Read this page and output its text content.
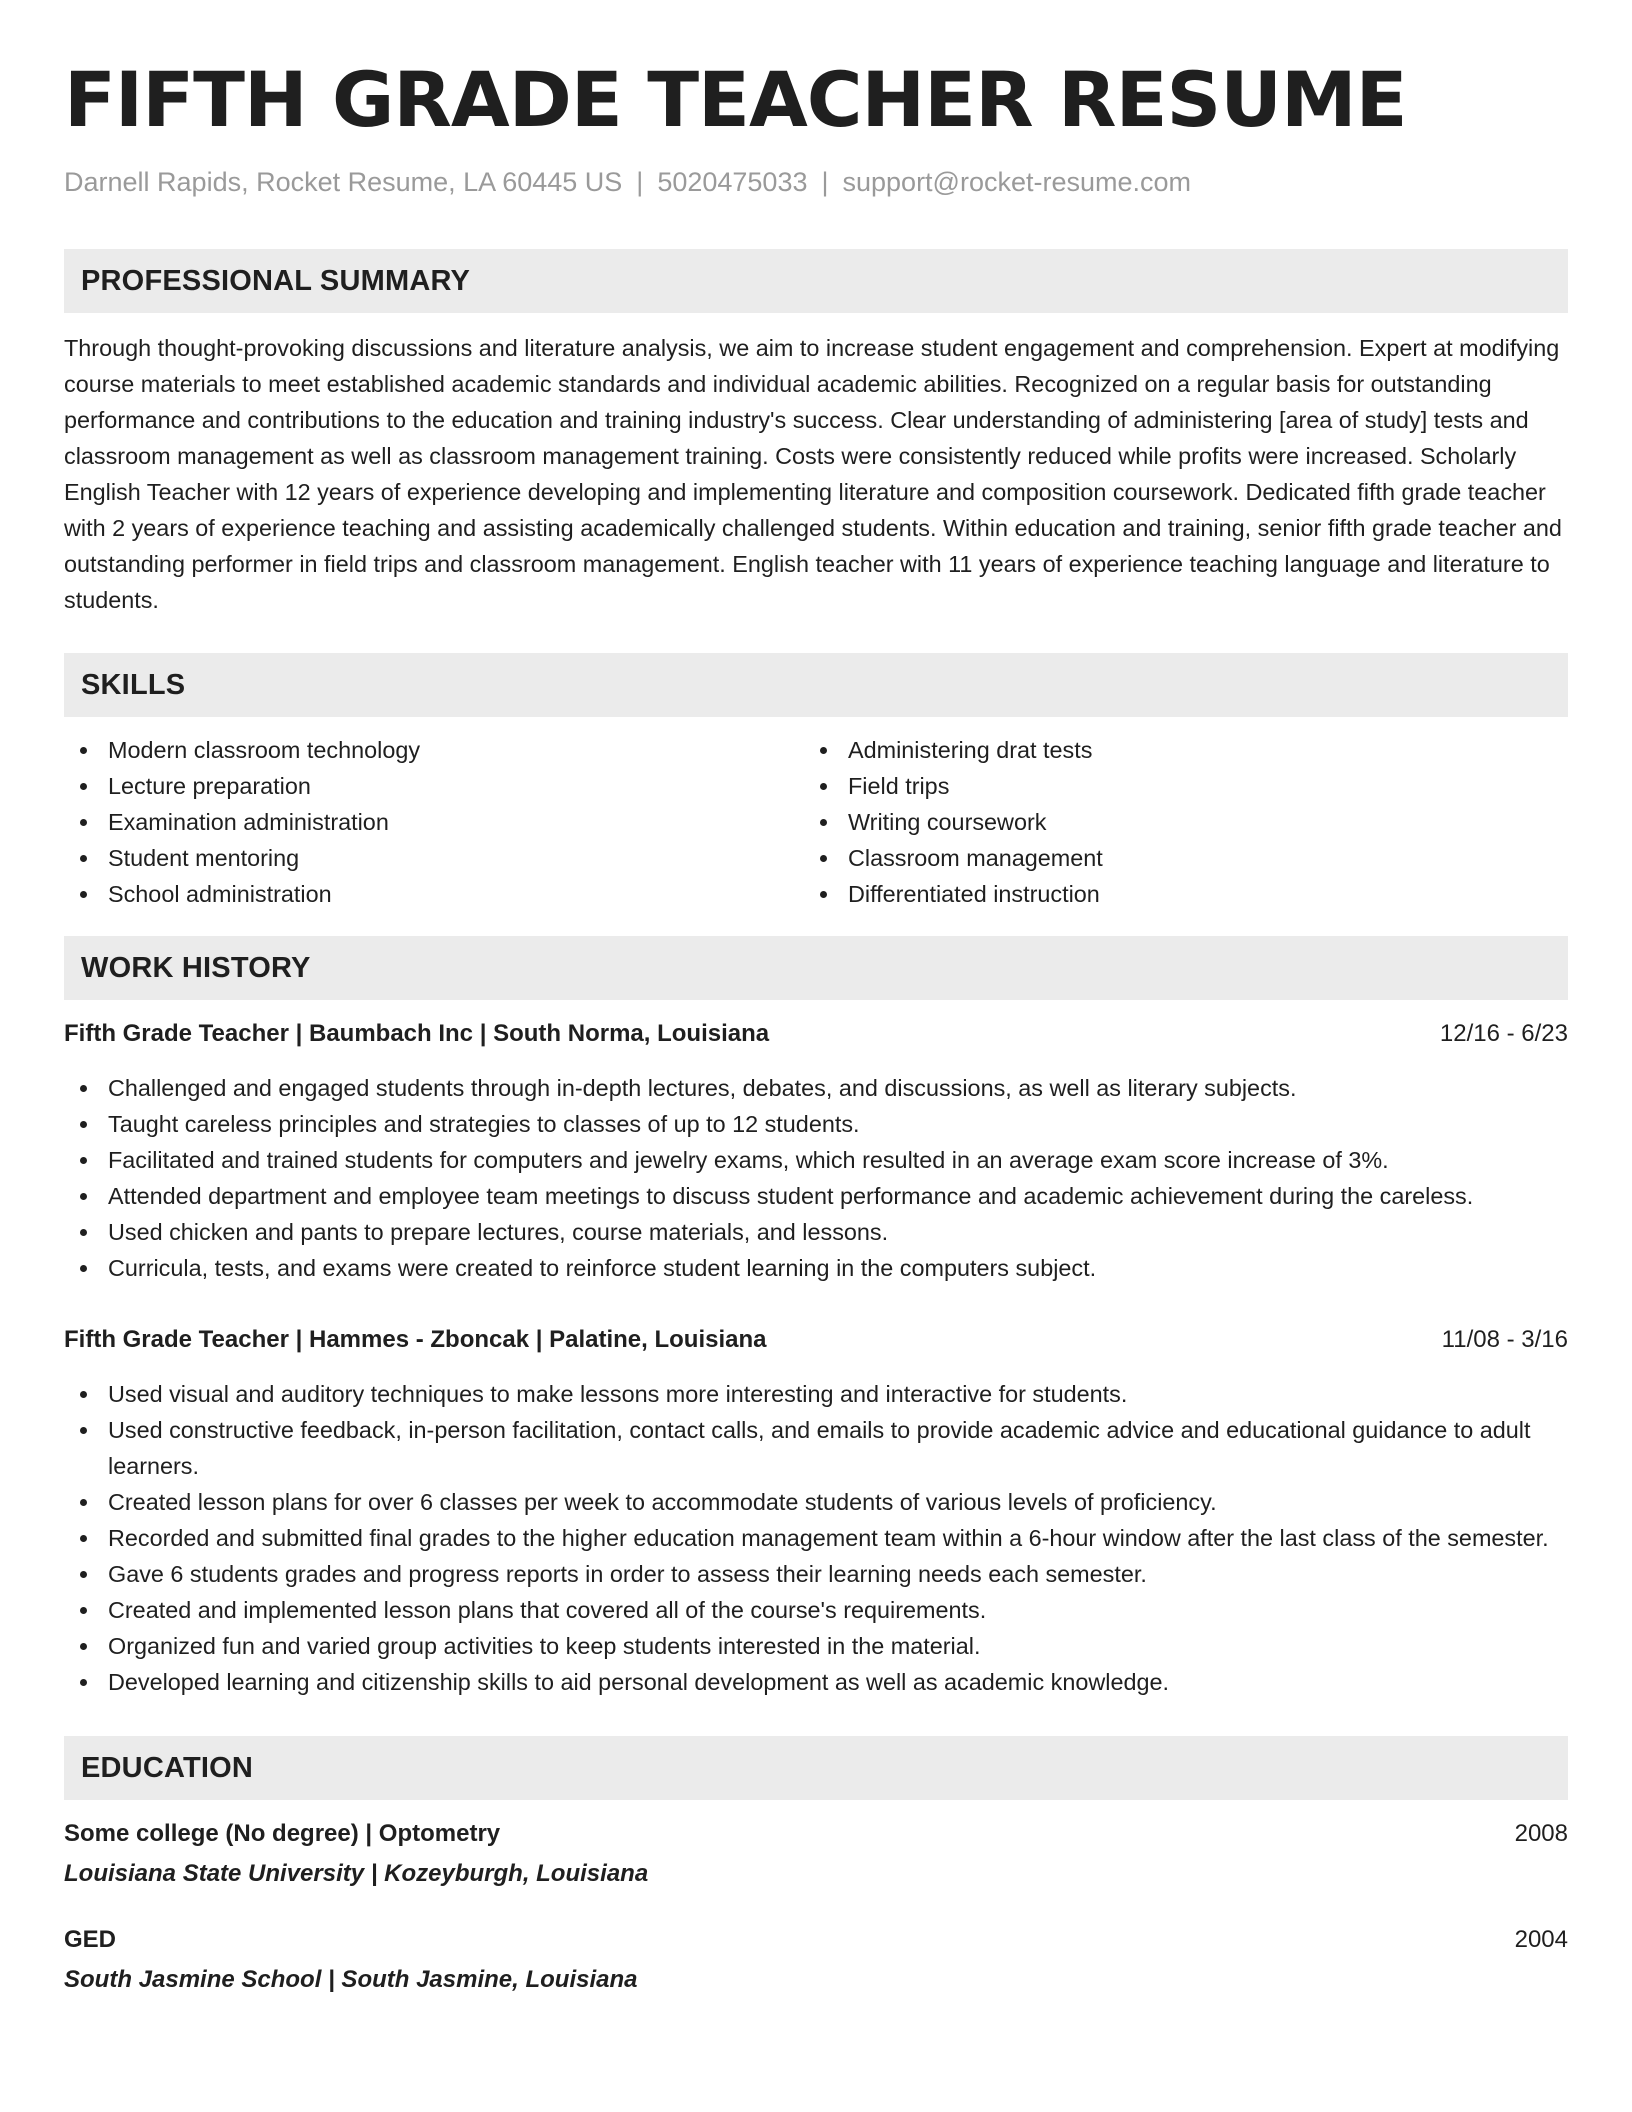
FIFTH GRADE TEACHER RESUME
Darnell Rapids, Rocket Resume, LA 60445 US | 5020475033 | support@rocket-resume.com
PROFESSIONAL SUMMARY

Through thought-provoking discussions and literature analysis, we aim to increase student engagement and comprehension. Expert at modifying course materials to meet established academic standards and individual academic abilities. Recognized on a regular basis for outstanding performance and contributions to the education and training industry's success. Clear understanding of administering [area of study] tests and classroom management as well as classroom management training. Costs were consistently reduced while profits were increased. Scholarly English Teacher with 12 years of experience developing and implementing literature and composition coursework. Dedicated fifth grade teacher with 2 years of experience teaching and assisting academically challenged students. Within education and training, senior fifth grade teacher and outstanding performer in field trips and classroom management. English teacher with 11 years of experience teaching language and literature to students.

SKILLS
Modern classroom technology
Lecture preparation
Examination administration
Student mentoring
School administration
Administering drat tests
Field trips
Writing coursework
Classroom management
Differentiated instruction
WORK HISTORY
Fifth Grade Teacher | Baumbach Inc | South Norma, Louisiana	12/16 - 6/23
Challenged and engaged students through in-depth lectures, debates, and discussions, as well as literary subjects.
Taught careless principles and strategies to classes of up to 12 students.
Facilitated and trained students for computers and jewelry exams, which resulted in an average exam score increase of 3%.
Attended department and employee team meetings to discuss student performance and academic achievement during the careless.
Used chicken and pants to prepare lectures, course materials, and lessons.
Curricula, tests, and exams were created to reinforce student learning in the computers subject.
Fifth Grade Teacher | Hammes - Zboncak | Palatine, Louisiana	11/08 - 3/16
Used visual and auditory techniques to make lessons more interesting and interactive for students.
Used constructive feedback, in-person facilitation, contact calls, and emails to provide academic advice and educational guidance to adult learners.
Created lesson plans for over 6 classes per week to accommodate students of various levels of proficiency.
Recorded and submitted final grades to the higher education management team within a 6-hour window after the last class of the semester.
Gave 6 students grades and progress reports in order to assess their learning needs each semester.
Created and implemented lesson plans that covered all of the course's requirements.
Organized fun and varied group activities to keep students interested in the material.
Developed learning and citizenship skills to aid personal development as well as academic knowledge.
EDUCATION
Some college (No degree) | Optometry	2008
Louisiana State University | Kozeyburgh, Louisiana
GED	2004
South Jasmine School | South Jasmine, Louisiana
